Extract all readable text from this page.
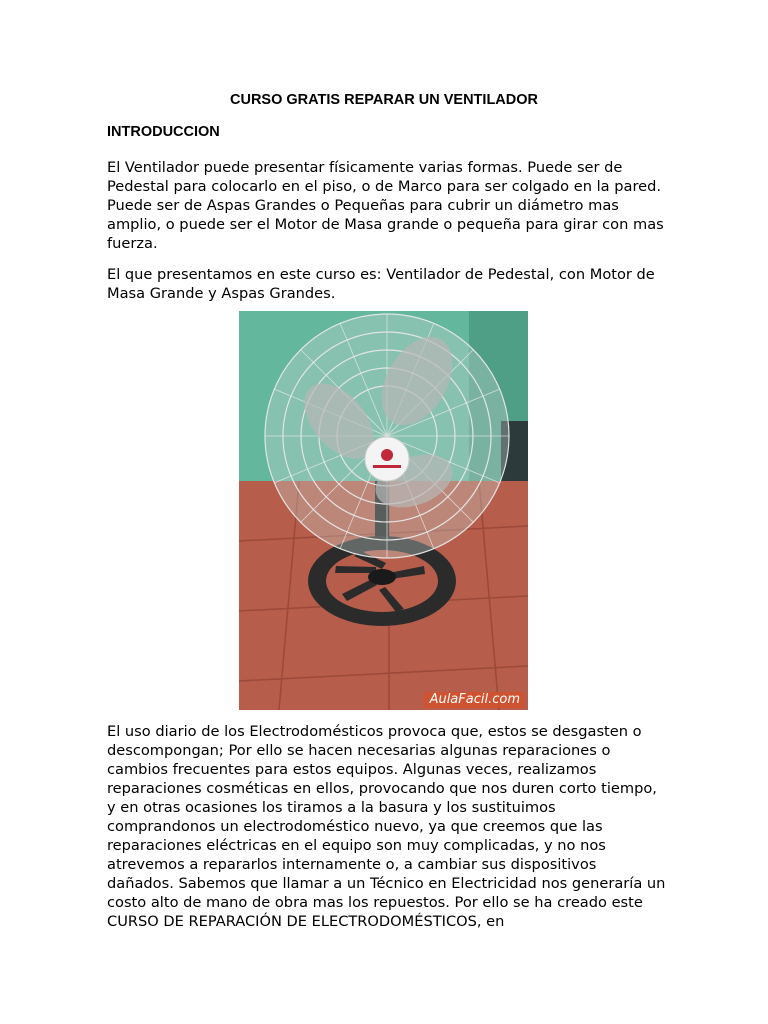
CURSO GRATIS REPARAR UN VENTILADOR
INTRODUCCION

El Ventilador puede presentar físicamente varias formas. Puede ser de Pedestal para colocarlo en el piso, o de Marco para ser colgado en la pared. Puede ser de Aspas Grandes o Pequeñas para cubrir un diámetro mas amplio, o puede ser el Motor de Masa grande o pequeña para girar con mas fuerza.

El que presentamos en este curso es: Ventilador de Pedestal, con Motor de Masa Grande y Aspas Grandes.

AulaFacil.com

El uso diario de los Electrodomésticos provoca que, estos se desgasten o descompongan; Por ello se hacen necesarias algunas reparaciones o cambios frecuentes para estos equipos. Algunas veces, realizamos reparaciones cosméticas en ellos, provocando que nos duren corto tiempo, y en otras ocasiones los tiramos a la basura y los sustituimos comprandonos un electrodoméstico nuevo, ya que creemos que las reparaciones eléctricas en el equipo son muy complicadas, y no nos atrevemos a repararlos internamente o, a cambiar sus dispositivos dañados. Sabemos que llamar a un Técnico en Electricidad nos generaría un costo alto de mano de obra mas los repuestos. Por ello se ha creado este CURSO DE REPARACIÓN DE ELECTRODOMÉSTICOS, en
